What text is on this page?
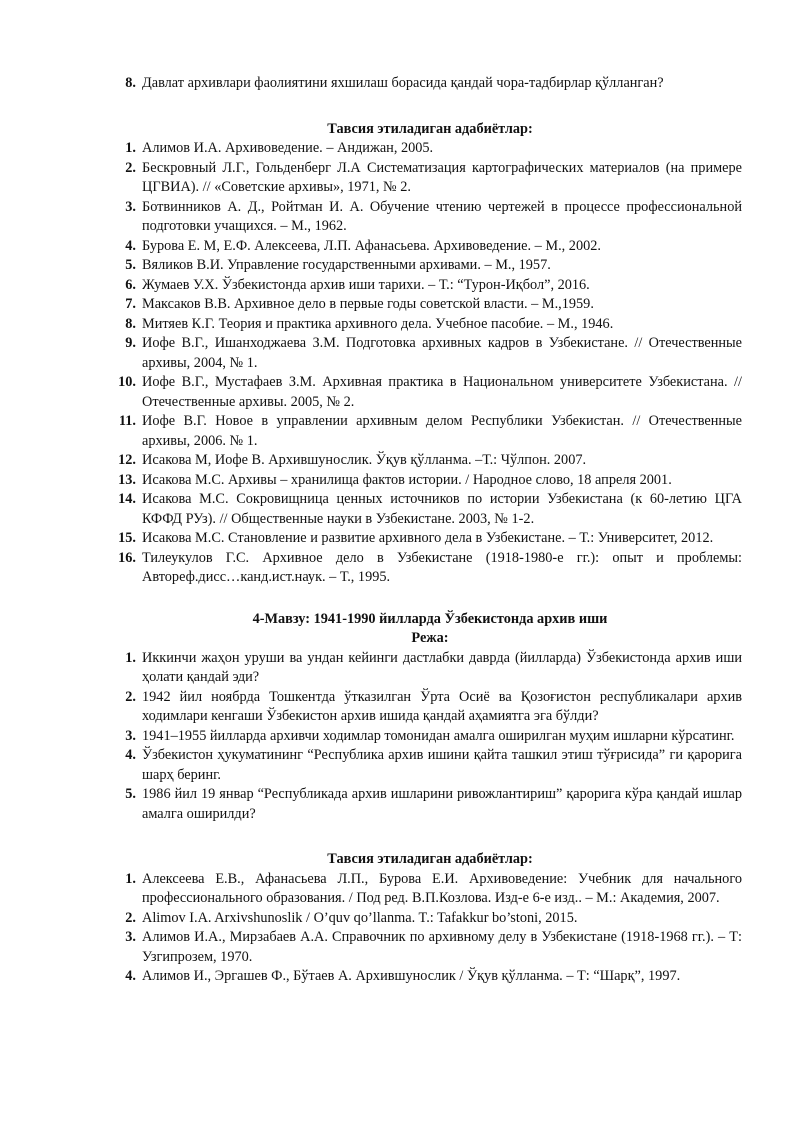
8. Давлат архивлари фаолиятини яхшилаш борасида қандай чора-тадбирлар қўлланган?
Тавсия этиладиган адабиётлар:
1. Алимов И.А. Архивоведение. – Андижан, 2005.
2. Бескровный Л.Г., Гольденберг Л.А Систематизация картографических материалов (на примере ЦГВИА). // «Советские архивы», 1971, № 2.
3. Ботвинников А. Д., Ройтман И. А. Обучение чтению чертежей в процессе профессиональной подготовки учащихся. – М., 1962.
4. Бурова Е. М, Е.Ф. Алексеева, Л.П. Афанасьева. Архивоведение. – М., 2002.
5. Вяликов В.И. Управление государственными архивами. – М., 1957.
6. Жумаев У.Х. Ўзбекистонда архив иши тарихи. – Т.: “Турон-Иқбол”, 2016.
7. Максаков В.В. Архивное дело в первые годы советской власти. – М.,1959.
8. Митяев К.Г. Теория и практика архивного дела. Учебное пасобие. – М., 1946.
9. Иофе В.Г., Ишанходжаева З.М. Подготовка архивных кадров в Узбекистане. // Отечественные архивы, 2004, № 1.
10. Иофе В.Г., Мустафаев З.М. Архивная практика в Национальном университете Узбекистана. // Отечественные архивы. 2005, № 2.
11. Иофе В.Г. Новое в управлении архивным делом Республики Узбекистан. // Отечественные архивы, 2006. № 1.
12. Исакова М, Иофе В. Архившунослик. Ўқув қўлланма. –Т.: Чўлпон. 2007.
13. Исакова М.С. Архивы – хранилища фактов истории. / Народное слово, 18 апреля 2001.
14. Исакова М.С. Сокровищница ценных источников по истории Узбекистана (к 60-летию ЦГА КФФД РУз). // Общественные науки в Узбекистане. 2003, № 1-2.
15. Исакова М.С. Становление и развитие архивного дела в Узбекистане. – Т.: Университет, 2012.
16. Тилеукулов Г.С. Архивное дело в Узбекистане (1918-1980-е гг.): опыт и проблемы: Автореф.дисс…канд.ист.наук. – Т., 1995.
4-Мавзу: 1941-1990 йилларда Ўзбекистонда архив иши
Режа:
1. Иккинчи жаҳон уруши ва ундан кейинги дастлабки даврда (йилларда) Ўзбекистонда архив иши ҳолати қандай эди?
2. 1942 йил ноябрда Тошкентда ўтказилган Ўрта Осиё ва Қозоғистон республикалари архив ходимлари кенгаши Ўзбекистон архив ишида қандай аҳамиятга эга бўлди?
3. 1941–1955 йилларда архивчи ходимлар томонидан амалга оширилган муҳим ишларни кўрсатинг.
4. Ўзбекистон ҳукуматининг “Республика архив ишини қайта ташкил этиш тўғрисида” ги қарорига шарҳ беринг.
5. 1986 йил 19 январ “Республикада архив ишларини ривожлантириш” қарорига кўра қандай ишлар амалга оширилди?
Тавсия этиладиган адабиётлар:
1. Алексеева Е.В., Афанасьева Л.П., Бурова Е.И. Архивоведение: Учебник для начального профессионального образования. / Под ред. В.П.Козлова. Изд-е 6-е изд.. – М.: Академия, 2007.
2. Alimov I.A. Arxivshunoslik / O’quv qo’llanma. T.: Tafakkur bo’stoni, 2015.
3. Алимов И.А., Мирзабаев А.А. Справочник по архивному делу в Узбекистане (1918-1968 гг.). – Т: Узгипрозем, 1970.
4. Алимов И., Эргашев Ф., Бўтаев А. Архившунослик / Ўқув қўлланма. – Т: “Шарқ”, 1997.
